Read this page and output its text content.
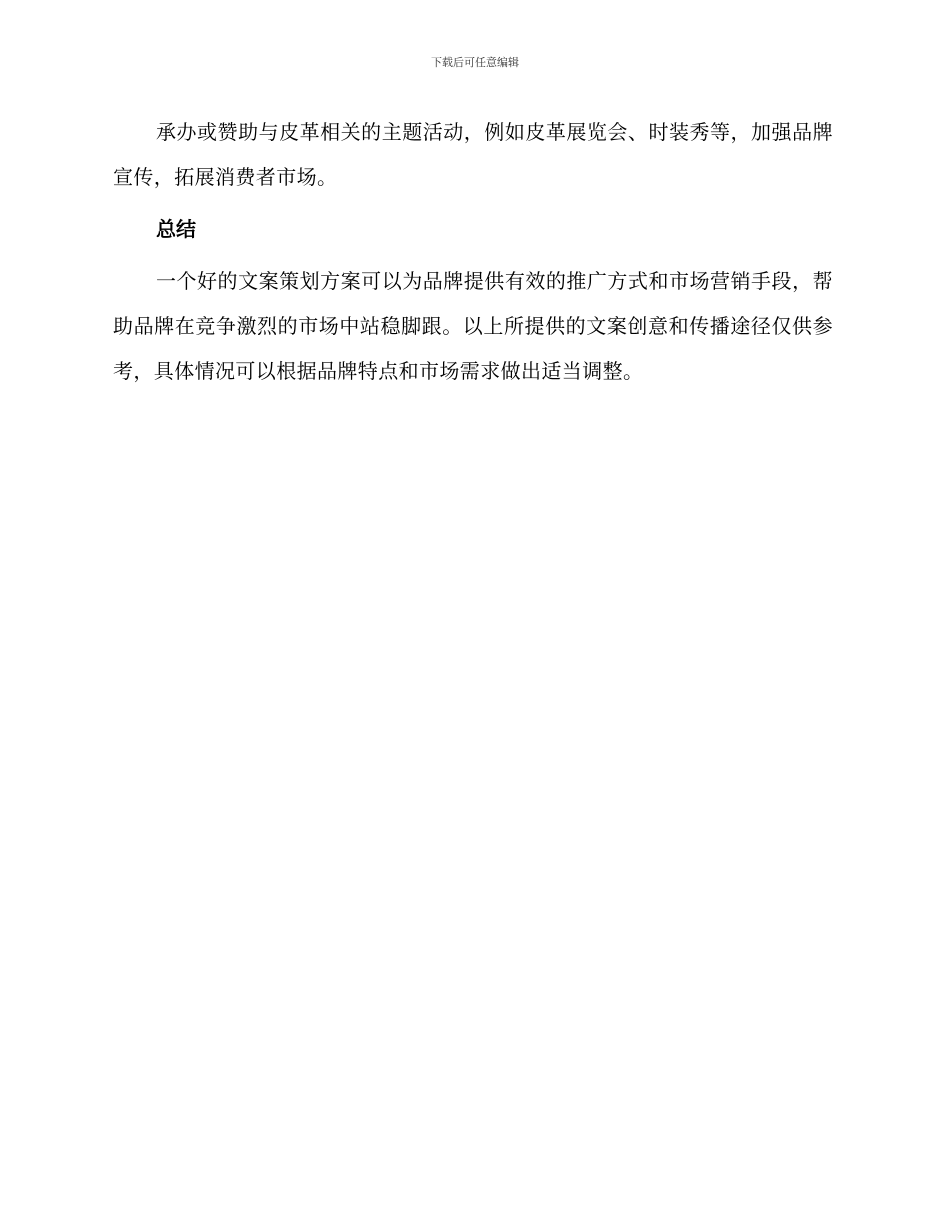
下载后可任意编辑

承办或赞助与皮革相关的主题活动，例如皮革展览会、时装秀等，加强品牌宣传，拓展消费者市场。

总结

一个好的文案策划方案可以为品牌提供有效的推广方式和市场营销手段，帮助品牌在竞争激烈的市场中站稳脚跟。以上所提供的文案创意和传播途径仅供参考，具体情况可以根据品牌特点和市场需求做出适当调整。
